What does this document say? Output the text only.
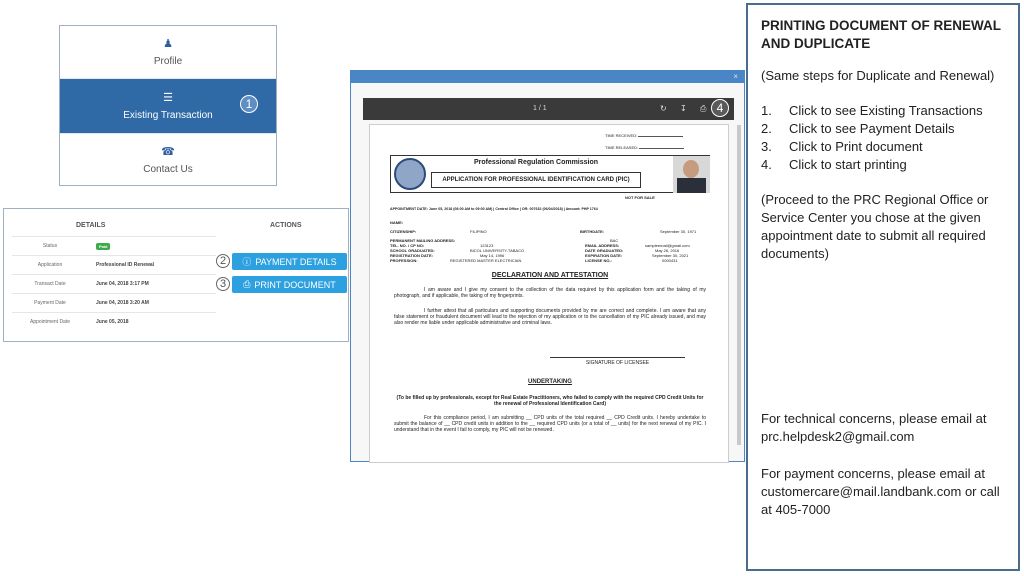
♟
Profile
☰
Existing Transaction
☎
Contact Us
1
DETAILS	ACTIONS
Status	Paid
Application	Professional ID Renewal
Transact Date	June 04, 2018 3:17 PM
Payment Date	June 04, 2018 3:20 AM
Appointment Date	June 05, 2018
ⓘ PAYMENT DETAILS
⎙ PRINT DOCUMENT
2
3
×
1 / 1	↻ ↧ ⎙
TIME RECEIVED:
TIME RELEASED:
Professional Regulation Commission
APPLICATION FOR PROFESSIONAL IDENTIFICATION CARD (PIC)
NOT FOR SALE
APPOINTMENT DATE: June 05, 2018 (08:00 AM to 09:00 AM) | Central Office | OR: 007632 (06/04/2018) | Amount: PHP 1764
NAME:
CITIZENSHIP:	FILIPINO	BIRTHDATE:	September 30, 1971
PERMANENT MAILING ADDRESS:	BAC
TEL. NO. / CP NO:	123123	EMAIL ADDRESS:	sampleemail@gmail.com
SCHOOL GRADUATED:	BICOL UNIVERSITY-TABACO	DATE GRADUATED:	May 26, 2016
REGISTRATION DATE:	May 14, 1996	EXPIRATION DATE:	September 30, 2021
PROFESSION:	REGISTERED MASTER ELECTRICIAN	LICENSE NO.:	0000431
DECLARATION AND ATTESTATION
I am aware and I give my consent to the collection of the data required by this application form and the taking of my photograph, and if applicable, the taking of my fingerprints.
I further attest that all particulars and supporting documents provided by me are correct and complete. I am aware that any false statement or fraudulent document will lead to the rejection of my application or to the cancellation of my PIC already issued, and may also render me liable under applicable administrative and criminal laws.
SIGNATURE OF LICENSEE
UNDERTAKING
(To be filled up by professionals, except for Real Estate Practitioners, who failed to comply with the required CPD Credit Units for the renewal of Professional Identification Card)
For this compliance period, I am submitting __ CPD units of the total required __ CPD Credit units. I hereby undertake to submit the balance of __ CPD credit units in addition to the __ required CPD units (or a total of __ units) for the next renewal of my PIC. I understand that in the event I fail to comply, my PIC will not be renewed.
4
PRINTING DOCUMENT OF RENEWAL AND DUPLICATE
(Same steps for Duplicate and Renewal)
1.	Click to see Existing Transactions
2.	Click to see Payment Details
3.	Click to Print document
4.	Click to start printing
(Proceed to the PRC Regional Office or Service Center you chose at the given appointment date to submit all required documents)
For technical concerns, please email at prc.helpdesk2@gmail.com
For payment concerns, please email at customercare@mail.landbank.com or call at 405-7000
